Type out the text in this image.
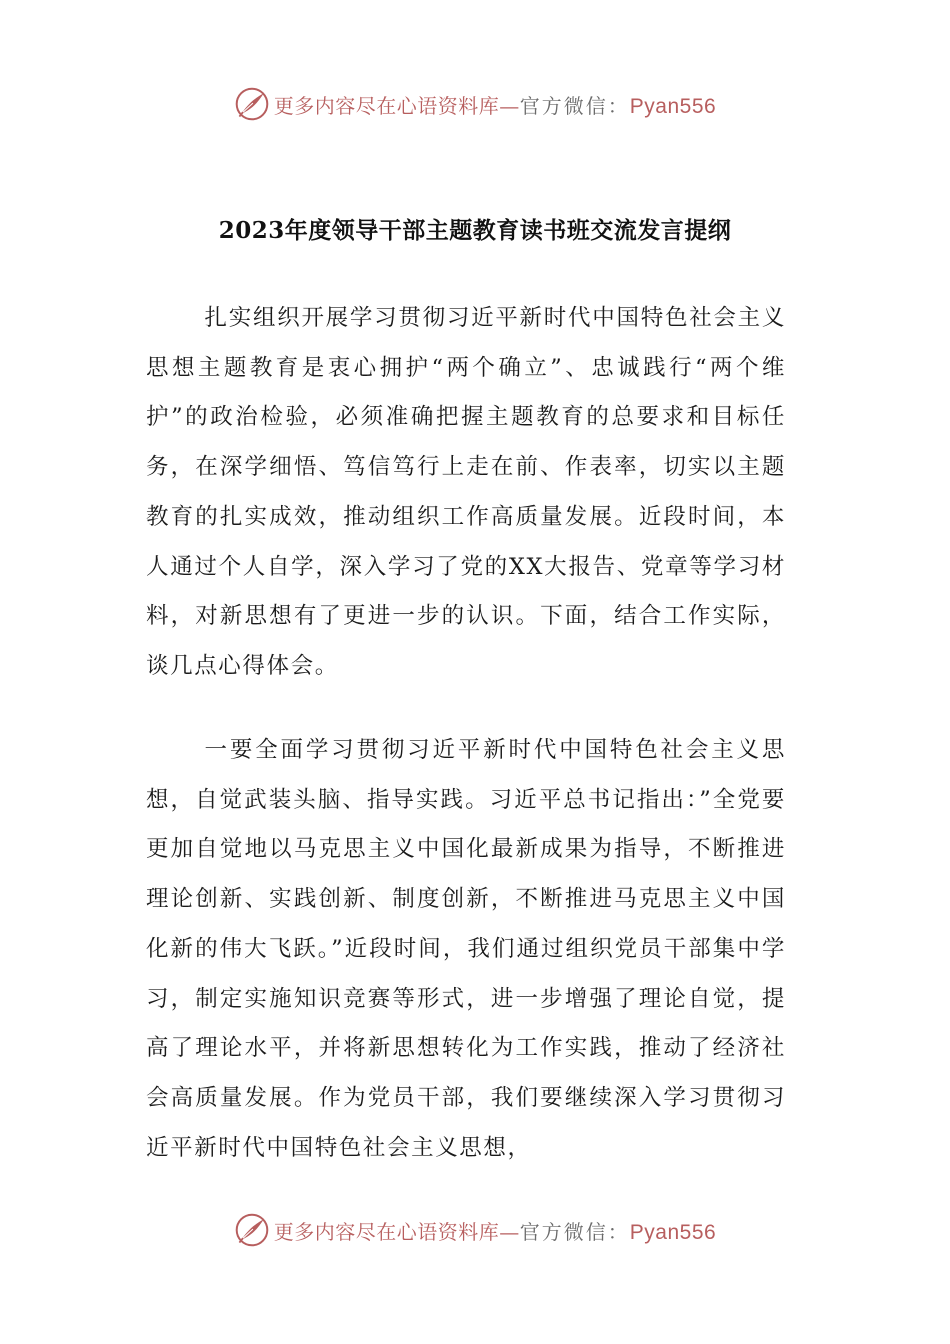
更多内容尽在心语资料库—官方微信：Pyan556
2023年度领导干部主题教育读书班交流发言提纲

扎实组织开展学习贯彻习近平新时代中国特色社会主义思想主题教育是衷心拥护“两个确立”、忠诚践行“两个维护”的政治检验，必须准确把握主题教育的总要求和目标任务，在深学细悟、笃信笃行上走在前、作表率，切实以主题教育的扎实成效，推动组织工作高质量发展。近段时间，本人通过个人自学，深入学习了党的XX大报告、党章等学习材料，对新思想有了更进一步的认识。下面，结合工作实际，谈几点心得体会。

一要全面学习贯彻习近平新时代中国特色社会主义思想，自觉武装头脑、指导实践。习近平总书记指出：”全党要更加自觉地以马克思主义中国化最新成果为指导，不断推进理论创新、实践创新、制度创新，不断推进马克思主义中国化新的伟大飞跃。”近段时间，我们通过组织党员干部集中学习，制定实施知识竞赛等形式，进一步增强了理论自觉，提高了理论水平，并将新思想转化为工作实践，推动了经济社会高质量发展。作为党员干部，我们要继续深入学习贯彻习近平新时代中国特色社会主义思想，

更多内容尽在心语资料库—官方微信：Pyan556
